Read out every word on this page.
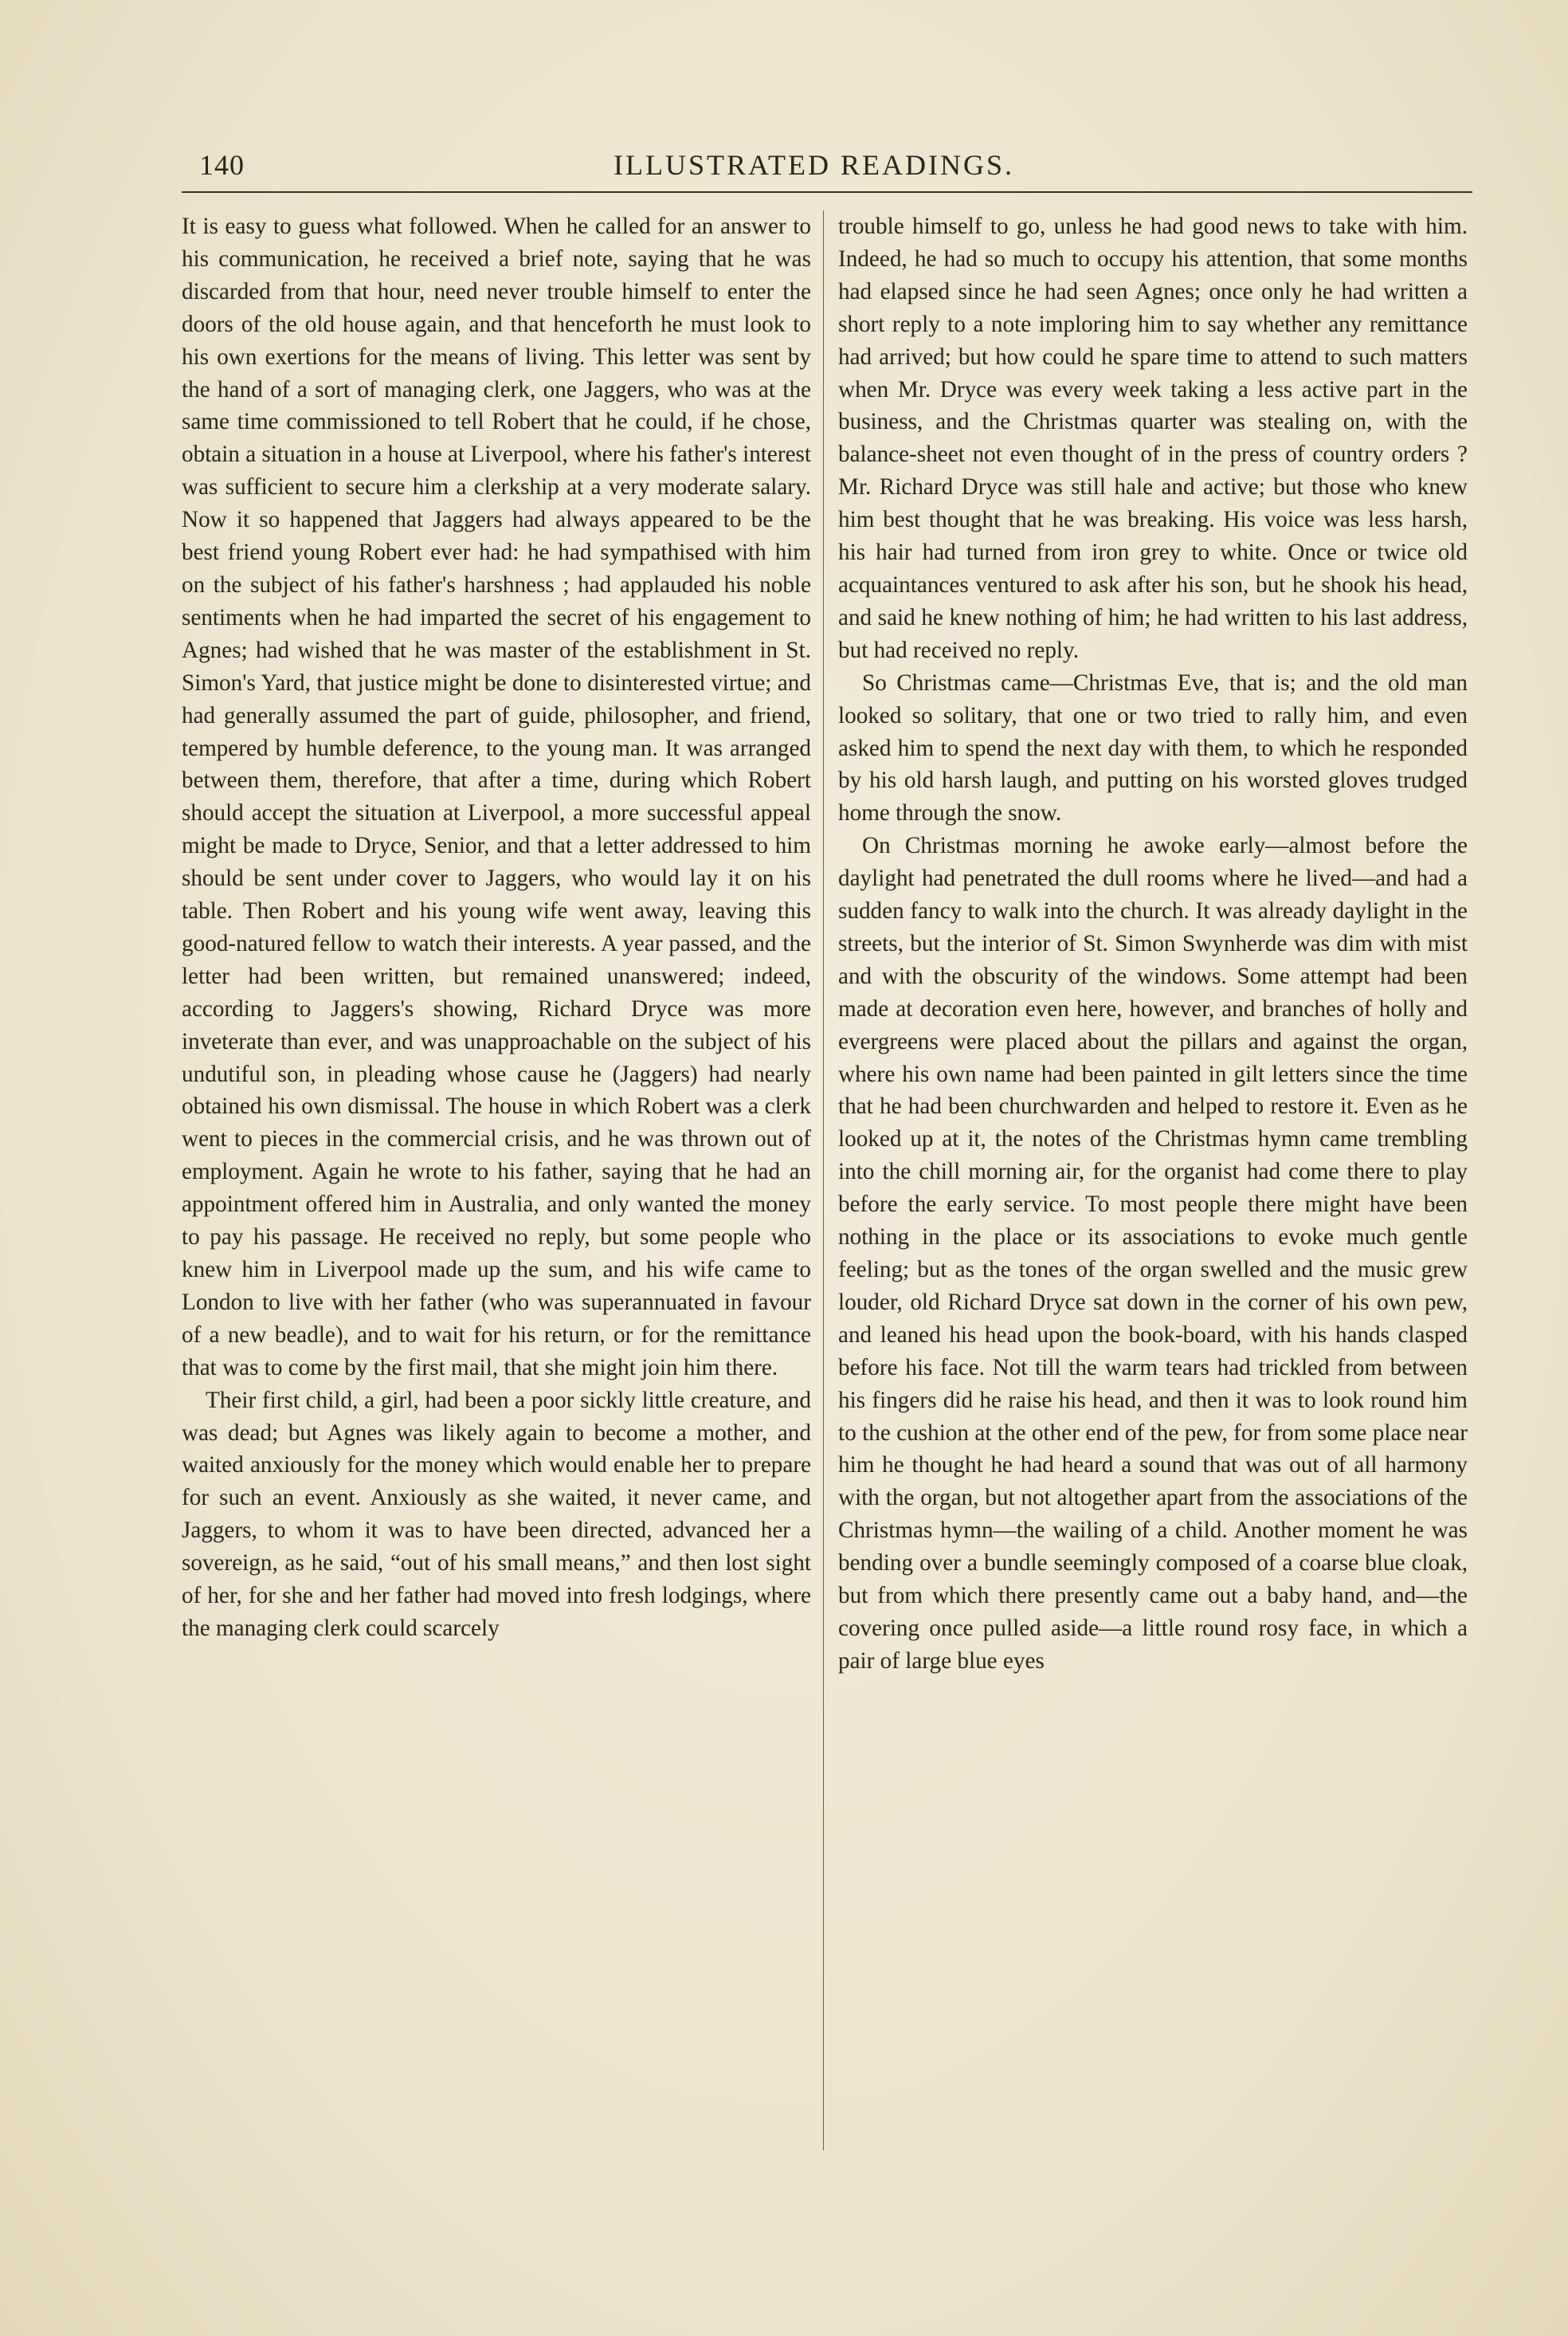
140	ILLUSTRATED READINGS.

It is easy to guess what followed. When he called for an answer to his communication, he received a brief note, saying that he was discarded from that hour, need never trouble himself to enter the doors of the old house again, and that henceforth he must look to his own exertions for the means of living. This letter was sent by the hand of a sort of managing clerk, one Jaggers, who was at the same time commissioned to tell Robert that he could, if he chose, obtain a situation in a house at Liverpool, where his father's interest was sufficient to secure him a clerkship at a very moderate salary. Now it so happened that Jaggers had always appeared to be the best friend young Robert ever had: he had sympathised with him on the subject of his father's harshness ; had applauded his noble sentiments when he had imparted the secret of his engagement to Agnes; had wished that he was master of the establishment in St. Simon's Yard, that justice might be done to disinterested virtue; and had generally assumed the part of guide, philosopher, and friend, tempered by humble deference, to the young man. It was arranged between them, therefore, that after a time, during which Robert should accept the situation at Liverpool, a more successful appeal might be made to Dryce, Senior, and that a letter addressed to him should be sent under cover to Jaggers, who would lay it on his table. Then Robert and his young wife went away, leaving this good-natured fellow to watch their interests. A year passed, and the letter had been written, but remained unanswered; indeed, according to Jaggers's showing, Richard Dryce was more inveterate than ever, and was unapproachable on the subject of his undutiful son, in pleading whose cause he (Jaggers) had nearly obtained his own dismissal. The house in which Robert was a clerk went to pieces in the commercial crisis, and he was thrown out of employment. Again he wrote to his father, saying that he had an appointment offered him in Australia, and only wanted the money to pay his passage. He received no reply, but some people who knew him in Liverpool made up the sum, and his wife came to London to live with her father (who was superannuated in favour of a new beadle), and to wait for his return, or for the remittance that was to come by the first mail, that she might join him there.

Their first child, a girl, had been a poor sickly little creature, and was dead; but Agnes was likely again to become a mother, and waited anxiously for the money which would enable her to prepare for such an event. Anxiously as she waited, it never came, and Jaggers, to whom it was to have been directed, advanced her a sovereign, as he said, “out of his small means,” and then lost sight of her, for she and her father had moved into fresh lodgings, where the managing clerk could scarcely

trouble himself to go, unless he had good news to take with him. Indeed, he had so much to occupy his attention, that some months had elapsed since he had seen Agnes; once only he had written a short reply to a note imploring him to say whether any remittance had arrived; but how could he spare time to attend to such matters when Mr. Dryce was every week taking a less active part in the business, and the Christmas quarter was stealing on, with the balance-sheet not even thought of in the press of country orders ? Mr. Richard Dryce was still hale and active; but those who knew him best thought that he was breaking. His voice was less harsh, his hair had turned from iron grey to white. Once or twice old acquaintances ventured to ask after his son, but he shook his head, and said he knew nothing of him; he had written to his last address, but had received no reply.

So Christmas came—Christmas Eve, that is; and the old man looked so solitary, that one or two tried to rally him, and even asked him to spend the next day with them, to which he responded by his old harsh laugh, and putting on his worsted gloves trudged home through the snow.

On Christmas morning he awoke early—almost before the daylight had penetrated the dull rooms where he lived—and had a sudden fancy to walk into the church. It was already daylight in the streets, but the interior of St. Simon Swynherde was dim with mist and with the obscurity of the windows. Some attempt had been made at decoration even here, however, and branches of holly and evergreens were placed about the pillars and against the organ, where his own name had been painted in gilt letters since the time that he had been churchwarden and helped to restore it. Even as he looked up at it, the notes of the Christmas hymn came trembling into the chill morning air, for the organist had come there to play before the early service. To most people there might have been nothing in the place or its associations to evoke much gentle feeling; but as the tones of the organ swelled and the music grew louder, old Richard Dryce sat down in the corner of his own pew, and leaned his head upon the book-board, with his hands clasped before his face. Not till the warm tears had trickled from between his fingers did he raise his head, and then it was to look round him to the cushion at the other end of the pew, for from some place near him he thought he had heard a sound that was out of all harmony with the organ, but not altogether apart from the associations of the Christmas hymn—the wailing of a child. Another moment he was bending over a bundle seemingly composed of a coarse blue cloak, but from which there presently came out a baby hand, and—the covering once pulled aside—a little round rosy face, in which a pair of large blue eyes
